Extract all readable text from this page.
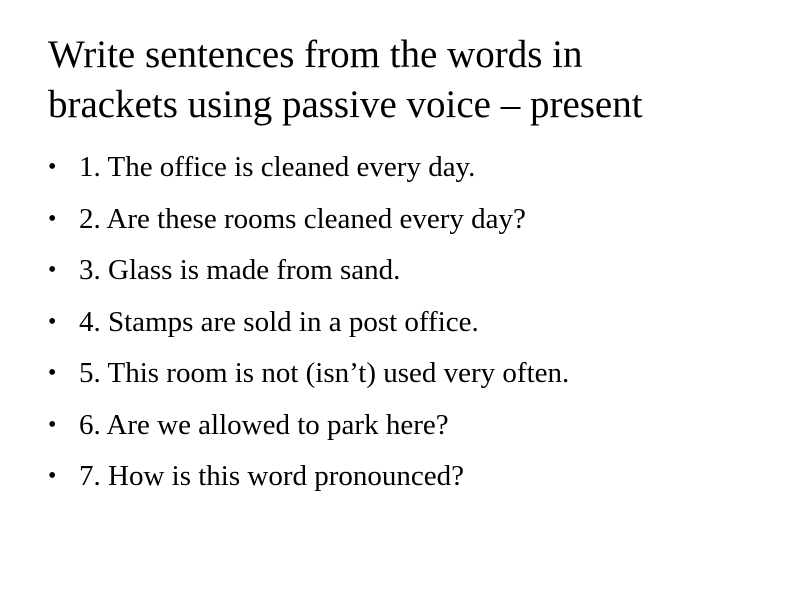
Write sentences from the words in
brackets using passive voice – present
• 1. The office is cleaned every day.
• 2. Are these rooms cleaned every day?
• 3. Glass is made from sand.
• 4. Stamps are sold in a post office.
• 5. This room is not (isn’t) used very often.
• 6. Are we allowed to park here?
• 7. How is this word pronounced?
